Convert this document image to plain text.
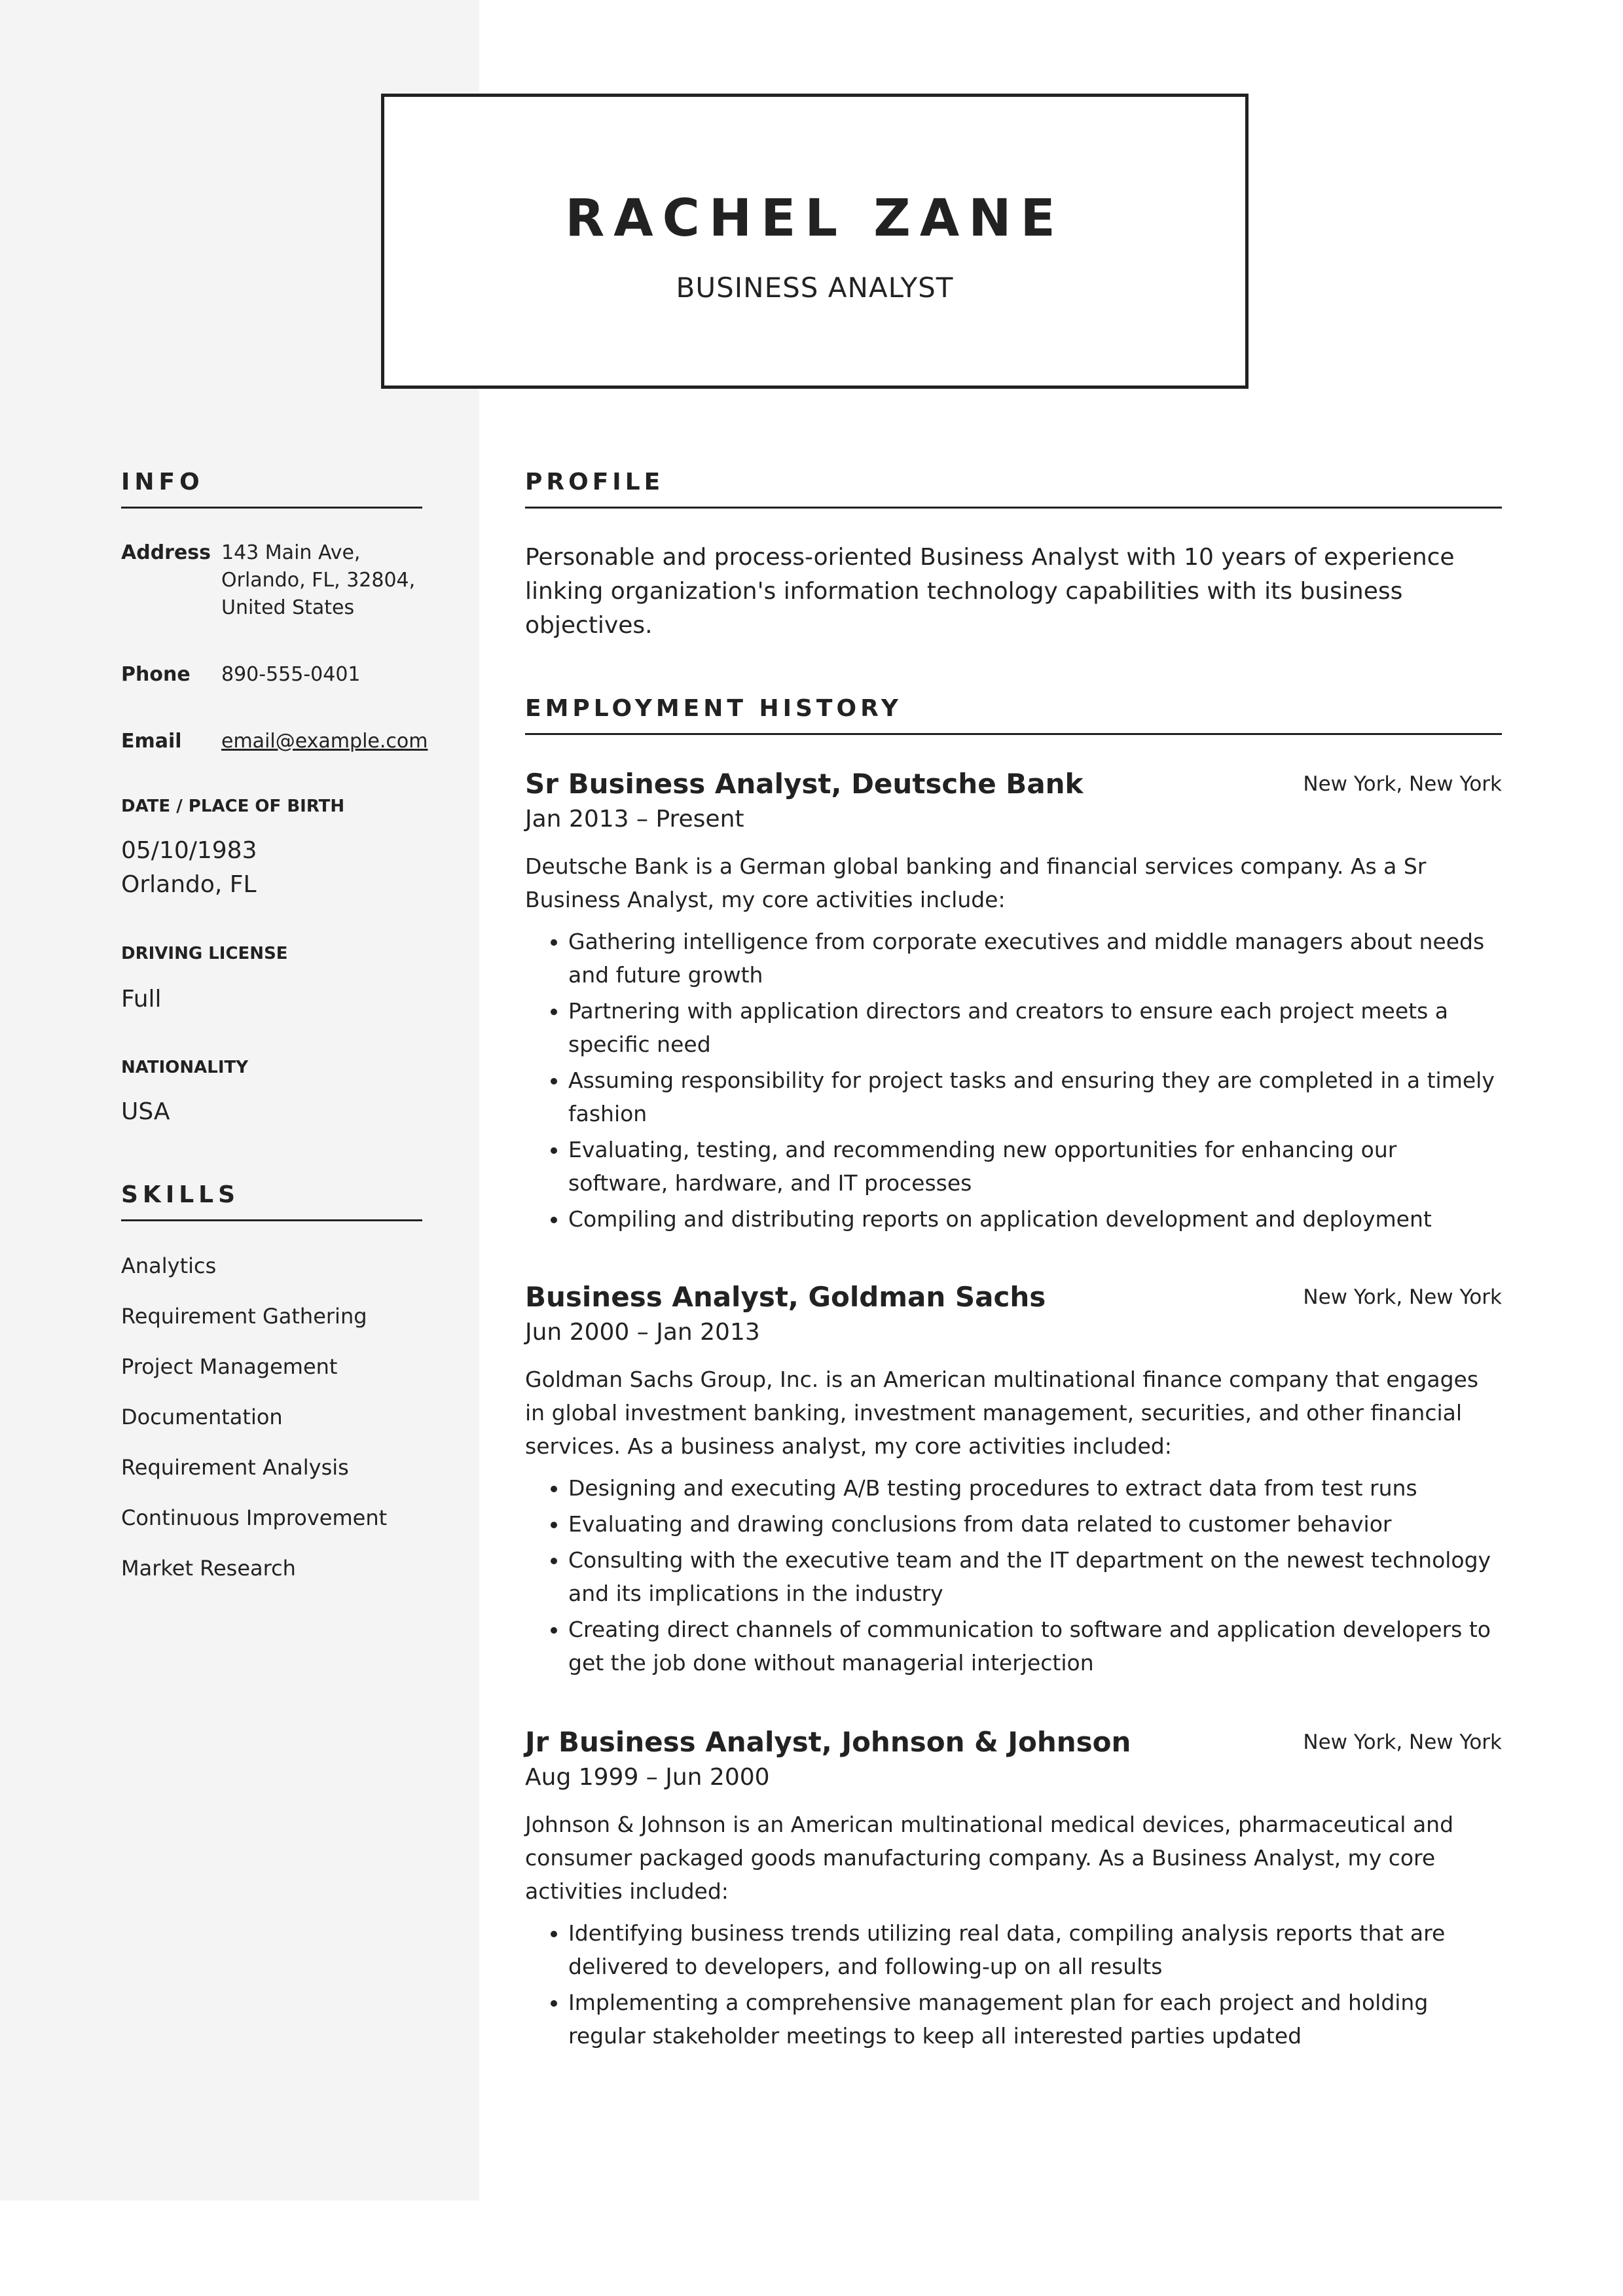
RACHEL ZANE
BUSINESS ANALYST
INFO
Address 143 Main Ave,
Orlando, FL, 32804,
United States
Phone 890-555-0401
Email email@example.com
DATE / PLACE OF BIRTH
05/10/1983
Orlando, FL
DRIVING LICENSE
Full
NATIONALITY
USA
SKILLS
Analytics
Requirement Gathering
Project Management
Documentation
Requirement Analysis
Continuous Improvement
Market Research
PROFILE
Personable and process-oriented Business Analyst with 10 years of experience linking organization's information technology capabilities with its business objectives.
EMPLOYMENT HISTORY
Sr Business Analyst, Deutsche Bank	New York, New York
Jan 2013 – Present
Deutsche Bank is a German global banking and financial services company. As a Sr Business Analyst, my core activities include:
• Gathering intelligence from corporate executives and middle managers about needs and future growth
• Partnering with application directors and creators to ensure each project meets a specific need
• Assuming responsibility for project tasks and ensuring they are completed in a timely fashion
• Evaluating, testing, and recommending new opportunities for enhancing our software, hardware, and IT processes
• Compiling and distributing reports on application development and deployment
Business Analyst, Goldman Sachs	New York, New York
Jun 2000 – Jan 2013
Goldman Sachs Group, Inc. is an American multinational finance company that engages in global investment banking, investment management, securities, and other financial services. As a business analyst, my core activities included:
• Designing and executing A/B testing procedures to extract data from test runs
• Evaluating and drawing conclusions from data related to customer behavior
• Consulting with the executive team and the IT department on the newest technology and its implications in the industry
• Creating direct channels of communication to software and application developers to get the job done without managerial interjection
Jr Business Analyst, Johnson & Johnson	New York, New York
Aug 1999 – Jun 2000
Johnson & Johnson is an American multinational medical devices, pharmaceutical and consumer packaged goods manufacturing company. As a Business Analyst, my core activities included:
• Identifying business trends utilizing real data, compiling analysis reports that are delivered to developers, and following-up on all results
• Implementing a comprehensive management plan for each project and holding regular stakeholder meetings to keep all interested parties updated
